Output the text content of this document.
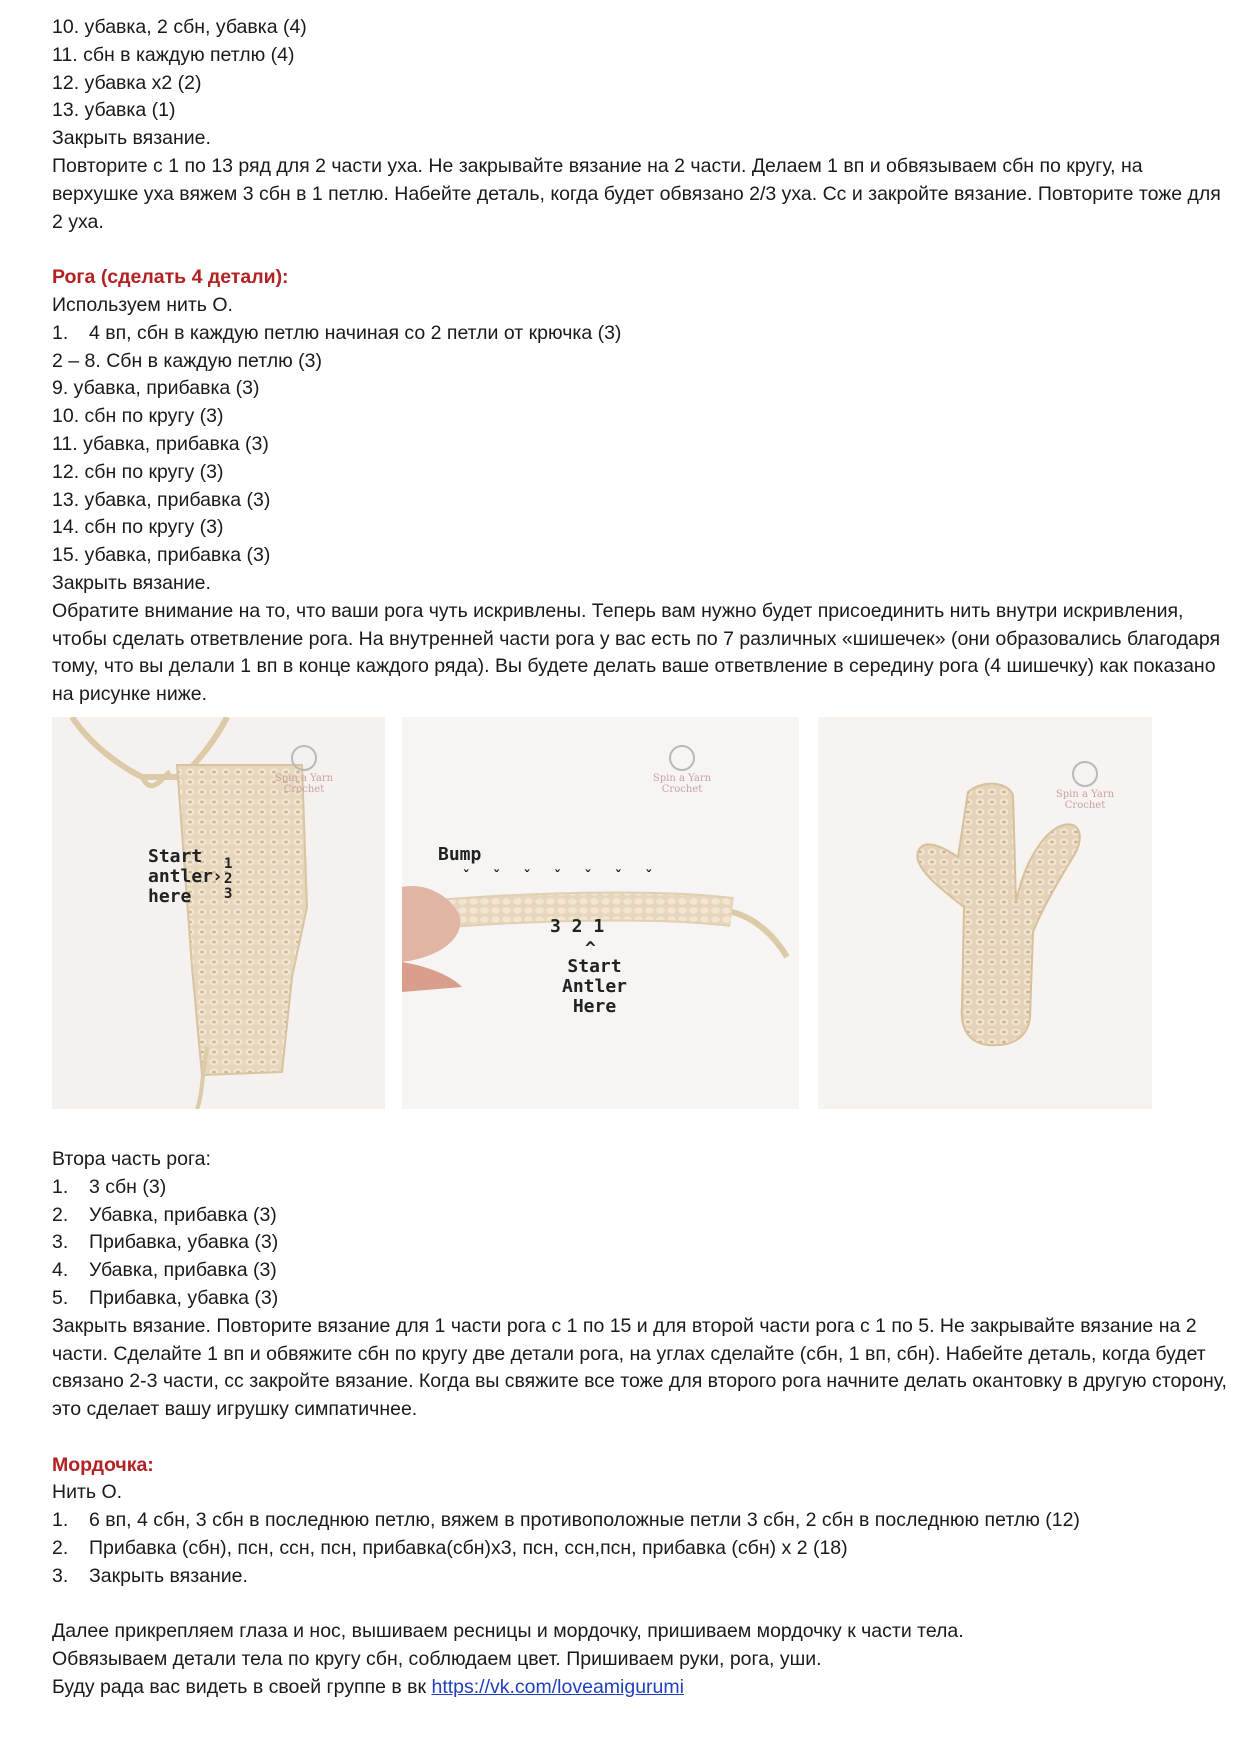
10. убавка, 2 сбн, убавка (4)
11. сбн в каждую петлю (4)
12. убавка х2 (2)
13. убавка (1)
Закрыть вязание.
Повторите с 1 по 13 ряд для 2 части уха. Не закрывайте вязание на 2 части. Делаем 1 вп и обвязываем сбн по кругу, на верхушке уха вяжем 3 сбн в 1 петлю. Набейте деталь, когда будет обвязано 2/3 уха. Сс и закройте вязание. Повторите тоже для 2 уха.
Рога (сделать 4 детали):
Используем нить О.
1. 4 вп, сбн в каждую петлю начиная со 2 петли от крючка (3)
2 – 8. Сбн в каждую петлю (3)
9. убавка, прибавка (3)
10. сбн по кругу (3)
11. убавка, прибавка (3)
12. сбн по кругу (3)
13. убавка, прибавка (3)
14. сбн по кругу (3)
15. убавка, прибавка (3)
Закрыть вязание.
Обратите внимание на то, что ваши рога чуть искривлены. Теперь вам нужно будет присоединить нить внутри искривления, чтобы сделать ответвление рога. На внутренней части рога у вас есть по 7 различных «шишечек» (они образовались благодаря тому, что вы делали 1 вп в конце каждого ряда). Вы будете делать ваше ответвление в середину рога (4 шишечку) как показано на рисунке ниже.
Spin a Yarn
Crochet
Start
antler
here
›
1
2
3
Spin a Yarn
Crochet
Bump
ˇˇˇˇˇˇˇ
3 2 1
^
Start
Antler
Here
Spin a Yarn
Crochet
Втора часть рога:
1. 3 сбн (3)
2. Убавка, прибавка (3)
3. Прибавка, убавка (3)
4. Убавка, прибавка (3)
5. Прибавка, убавка (3)
Закрыть вязание. Повторите вязание для 1 части рога с 1 по 15 и для второй части рога с 1 по 5. Не закрывайте вязание на 2 части. Сделайте 1 вп и обвяжите сбн по кругу две детали рога, на углах сделайте (сбн, 1 вп, сбн). Набейте деталь, когда будет связано 2-3 части, сс закройте вязание. Когда вы свяжите все тоже для второго рога начните делать окантовку в другую сторону, это сделает вашу игрушку симпатичнее.
Мордочка:
Нить О.
1. 6 вп, 4 сбн, 3 сбн в последнюю петлю, вяжем в противоположные петли 3 сбн, 2 сбн в последнюю петлю (12)
2. Прибавка (сбн), псн, ссн, псн, прибавка(сбн)х3, псн, ссн,псн, прибавка (сбн) х 2 (18)
3. Закрыть вязание.
Далее прикрепляем глаза и нос, вышиваем ресницы и мордочку, пришиваем мордочку к части тела.
Обвязываем детали тела по кругу сбн, соблюдаем цвет. Пришиваем руки, рога, уши.
Буду рада вас видеть в своей группе в вк https://vk.com/loveamigurumi
